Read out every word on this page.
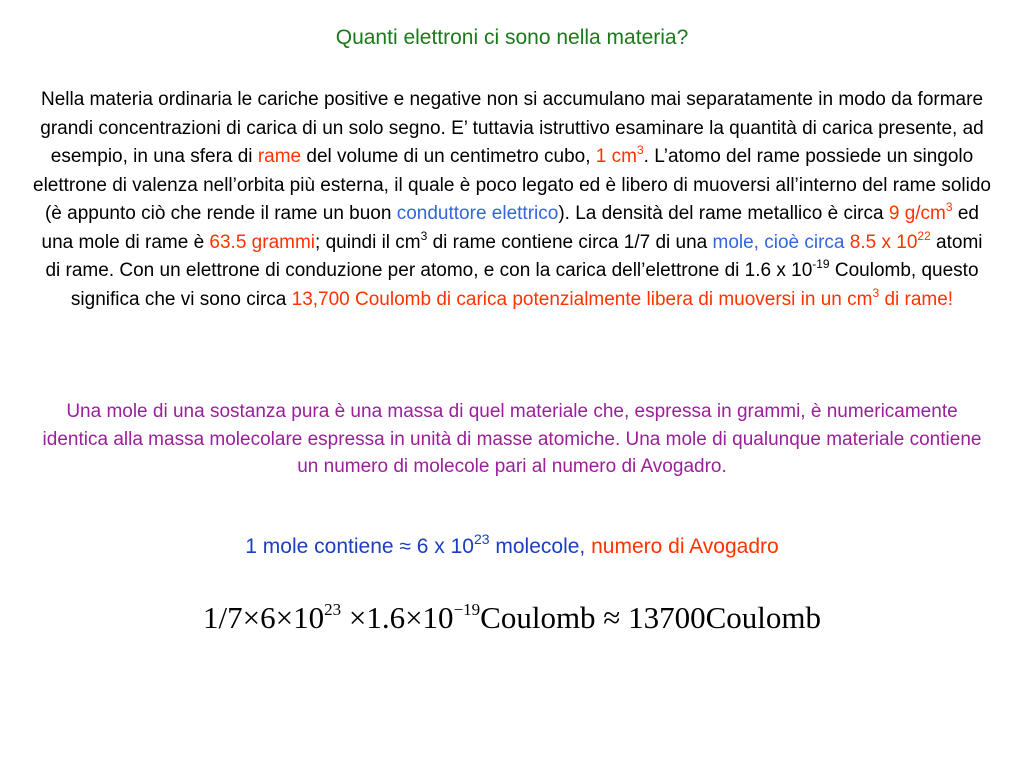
Quanti elettroni ci sono nella materia?
Nella materia ordinaria le cariche positive e negative non si accumulano mai separatamente in modo da formare grandi concentrazioni di carica di un solo segno. E’ tuttavia istruttivo esaminare la quantità di carica presente, ad esempio, in una sfera di rame del volume di un centimetro cubo, 1 $cm^3$. L’atomo del rame possiede un singolo elettrone di valenza nell’orbita più esterna, il quale è poco legato ed è libero di muoversi all’interno del rame solido (è appunto ciò che rende il rame un buon conduttore elettrico). La densità del rame metallico è circa 9 $g/cm^3$ ed una mole di rame è 63.5 grammi; quindi il $cm^3$ di rame contiene circa 1/7 di una mole, cioè circa 8.5 x $10^{22}$ atomi di rame. Con un elettrone di conduzione per atomo, e con la carica dell’elettrone di 1.6 x $10^{-19}$ Coulomb, questo significa che vi sono circa 13,700 Coulomb di carica potenzialmente libera di muoversi in un $cm^3$ di rame!
Una mole di una sostanza pura è una massa di quel materiale che, espressa in grammi, è numericamente identica alla massa molecolare espressa in unità di masse atomiche. Una mole di qualunque materiale contiene un numero di molecole pari al numero di Avogadro.
1 mole contiene ≈ 6 x $10^{23}$ molecole, numero di Avogadro
$1/7\times 6\times 10^{23}$ $\times 1.6\times 10^{-19}Coulomb$ ≈ 13700Coulomb
